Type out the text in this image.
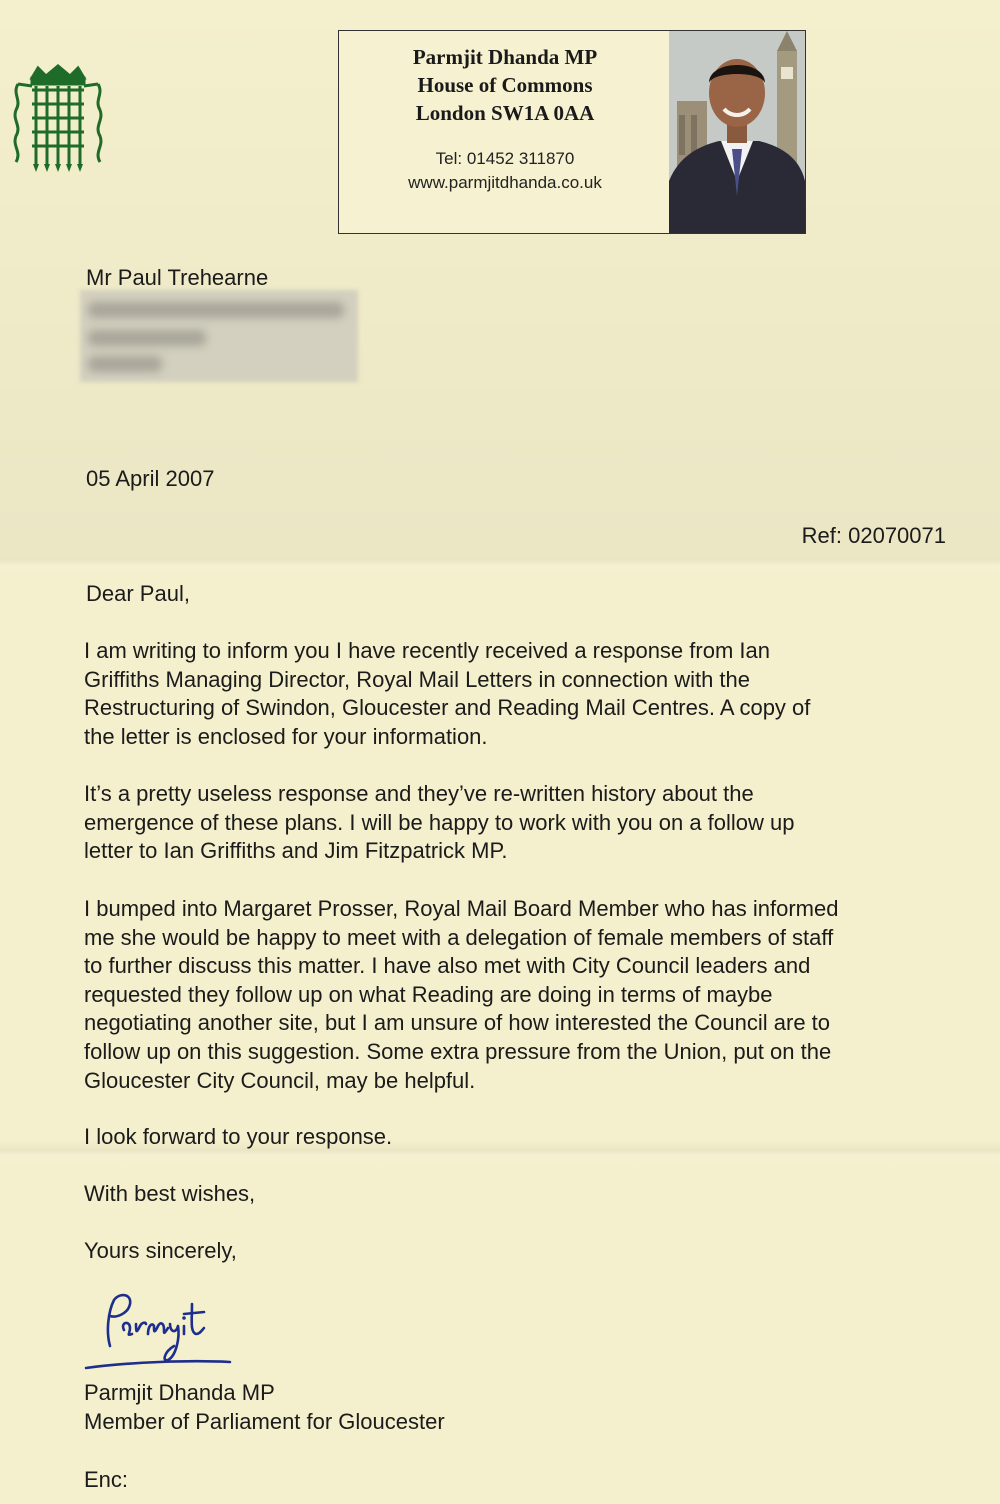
Parmjit Dhanda MP
House of Commons
London SW1A 0AA
Tel: 01452 311870
www.parmjitdhanda.co.uk
Mr Paul Trehearne
05 April 2007
Ref: 02070071
Dear Paul,
I am writing to inform you I have recently received a response from Ian
Griffiths Managing Director, Royal Mail Letters in connection with the
Restructuring of Swindon, Gloucester and Reading Mail Centres. A copy of
the letter is enclosed for your information.
It’s a pretty useless response and they’ve re-written history about the
emergence of these plans. I will be happy to work with you on a follow up
letter to Ian Griffiths and Jim Fitzpatrick MP.
I bumped into Margaret Prosser, Royal Mail Board Member who has informed
me she would be happy to meet with a delegation of female members of staff
to further discuss this matter. I have also met with City Council leaders and
requested they follow up on what Reading are doing in terms of maybe
negotiating another site, but I am unsure of how interested the Council are to
follow up on this suggestion. Some extra pressure from the Union, put on the
Gloucester City Council, may be helpful.
I look forward to your response.
With best wishes,
Yours sincerely,
Parmjit Dhanda MP
Member of Parliament for Gloucester
Enc:
